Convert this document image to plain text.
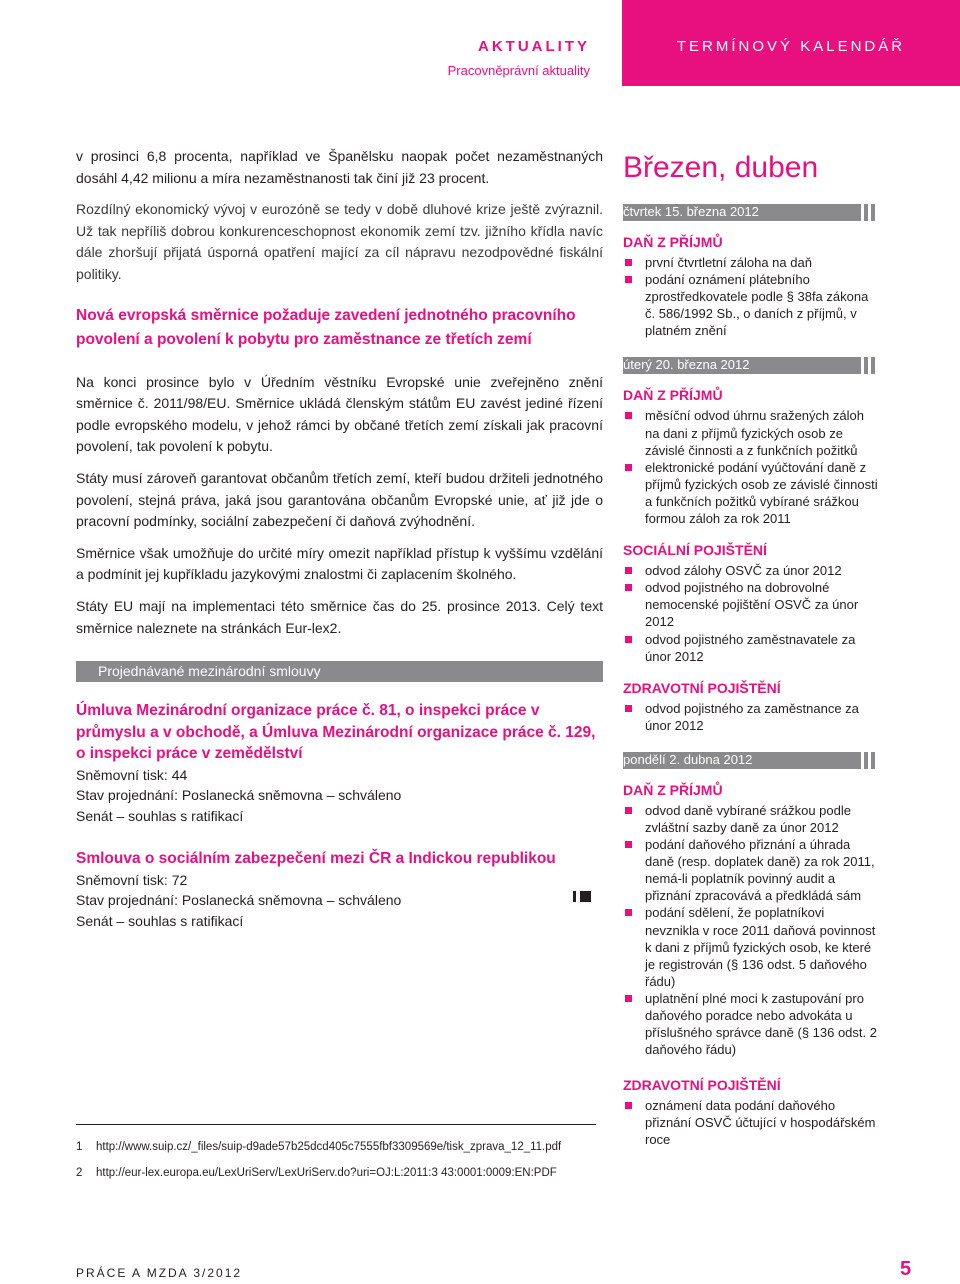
AKTUALITY
Pracovněprávní aktuality
TERMÍNOVÝ KALENDÁŘ

v prosinci 6,8 procenta, například ve Španělsku naopak počet nezaměstnaných dosáhl 4,42 milionu a míra nezaměstnanosti tak činí již 23 procent.

Rozdílný ekonomický vývoj v eurozóně se tedy v době dluhové krize ještě zvýraznil. Už tak nepříliš dobrou konkurenceschopnost ekonomik zemí tzv. jižního křídla navíc dále zhoršují přijatá úsporná opatření mající za cíl nápravu nezodpovědné fiskální politiky.

Nová evropská směrnice požaduje zavedení jednotného pracovního povolení a povolení k pobytu pro zaměstnance ze třetích zemí

Na konci prosince bylo v Úředním věstníku Evropské unie zveřejněno znění směrnice č. 2011/98/EU. Směrnice ukládá členským státům EU zavést jediné řízení podle evropského modelu, v jehož rámci by občané třetích zemí získali jak pracovní povolení, tak povolení k pobytu.

Státy musí zároveň garantovat občanům třetích zemí, kteří budou držiteli jednotného povolení, stejná práva, jaká jsou garantována občanům Evropské unie, ať již jde o pracovní podmínky, sociální zabezpečení či daňová zvýhodnění.

Směrnice však umožňuje do určité míry omezit například přístup k vyššímu vzdělání a podmínit jej kupříkladu jazykovými znalostmi či zaplacením školného.

Státy EU mají na implementaci této směrnice čas do 25. prosince 2013. Celý text směrnice naleznete na stránkách Eur-lex2.

Projednávané mezinárodní smlouvy
Úmluva Mezinárodní organizace práce č. 81, o inspekci práce v průmyslu a v obchodě, a Úmluva Mezinárodní organizace práce č. 129, o inspekci práce v zemědělství
Sněmovní tisk: 44
Stav projednání: Poslanecká sněmovna – schváleno
Senát – souhlas s ratifikací
Smlouva o sociálním zabezpečení mezi ČR a Indickou republikou
Sněmovní tisk: 72
Stav projednání: Poslanecká sněmovna – schváleno
Senát – souhlas s ratifikací
1 http://www.suip.cz/_files/suip-d9ade57b25dcd405c7555fbf3309569e/tisk_zprava_12_11.pdf
2 http://eur-lex.europa.eu/LexUriServ/LexUriServ.do?uri=OJ:L:2011:3 43:0001:0009:EN:PDF
PRÁCE A MZDA 3/2012	5
Březen, duben
čtvrtek 15. března 2012
DAŇ Z PŘÍJMŮ
první čtvrtletní záloha na daň
podání oznámení plátebního zprostředkovatele podle § 38fa zákona č. 586/1992 Sb., o daních z příjmů, v platném znění
úterý 20. března 2012
DAŇ Z PŘÍJMŮ
měsíční odvod úhrnu sražených záloh na dani z příjmů fyzických osob ze závislé činnosti a z funkčních požitků
elektronické podání vyúčtování daně z příjmů fyzických osob ze závislé činnosti a funkčních požitků vybírané srážkou formou záloh za rok 2011
SOCIÁLNÍ POJIŠTĚNÍ
odvod zálohy OSVČ za únor 2012
odvod pojistného na dobrovolné nemocenské pojištění OSVČ za únor 2012
odvod pojistného zaměstnavatele za únor 2012
ZDRAVOTNÍ POJIŠTĚNÍ
odvod pojistného za zaměstnance za únor 2012
pondělí 2. dubna 2012
DAŇ Z PŘÍJMŮ
odvod daně vybírané srážkou podle zvláštní sazby daně za únor 2012
podání daňového přiznání a úhrada daně (resp. doplatek daně) za rok 2011, nemá-li poplatník povinný audit a přiznání zpracovává a předkládá sám
podání sdělení, že poplatníkovi nevznikla v roce 2011 daňová povinnost k dani z příjmů fyzických osob, ke které je registrován (§ 136 odst. 5 daňového řádu)
uplatnění plné moci k zastupování pro daňového poradce nebo advokáta u příslušného správce daně (§ 136 odst. 2 daňového řádu)
ZDRAVOTNÍ POJIŠTĚNÍ
oznámení data podání daňového přiznání OSVČ účtující v hospodářském roce
